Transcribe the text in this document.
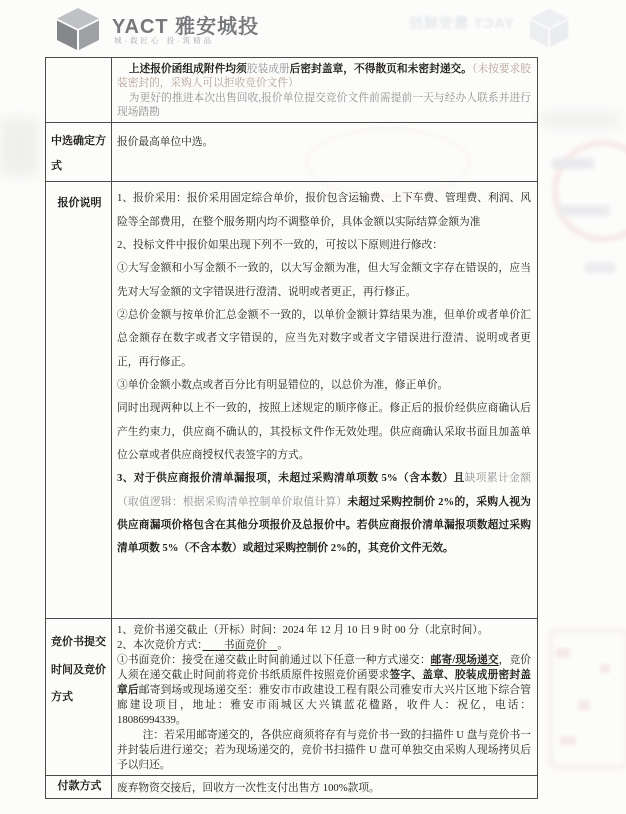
YACT 雅安城投
城·载匠心 投·筑精品
YACT 雅安城投

上述报价函组成附件均须胶装成册后密封盖章，不得散页和未密封递交。（未按要求胶装密封的，采购人可以拒收竞价文件）

为更好的推进本次出售回收,报价单位提交竞价文件前需提前一天与经办人联系并进行现场踏勘

中选确定方式

报价最高单位中选。

报价说明	1、报价采用：报价采用固定综合单价，报价包含运输费、上下车费、管理费、利润、风险等全部费用，在整个服务期内均不调整单价，具体金额以实际结算金额为准

2、投标文件中报价如果出现下列不一致的，可按以下原则进行修改：

①大写金额和小写金额不一致的，以大写金额为准，但大写金额文字存在错误的，应当先对大写金额的文字错误进行澄清、说明或者更正，再行修正。

②总价金额与按单价汇总金额不一致的，以单价金额计算结果为准，但单价或者单价汇总金额存在数字或者文字错误的，应当先对数字或者文字错误进行澄清、说明或者更正，再行修正。

③单价金额小数点或者百分比有明显错位的，以总价为准，修正单价。

同时出现两种以上不一致的，按照上述规定的顺序修正。修正后的报价经供应商确认后产生约束力，供应商不确认的，其投标文件作无效处理。供应商确认采取书面且加盖单位公章或者供应商授权代表签字的方式。

3、对于供应商报价清单漏报项，未超过采购清单项数 5%（含本数）且缺项累计金额（取值逻辑：根据采购清单控制单价取值计算）未超过采购控制价 2%的，采购人视为供应商漏项价格包含在其他分项报价及总报价中。若供应商报价清单漏报项数超过采购清单项数 5%（不含本数）或超过采购控制价 2%的，其竞价文件无效。

竞价书提交时间及竞价方式

1、竞价书递交截止（开标）时间：2024 年 12 月 10 日 9 时 00 分（北京时间）。

2、本次竞价方式：　　书面竞价　。

①书面竞价：接受在递交截止时间前通过以下任意一种方式递交：邮寄/现场递交，竞价人须在递交截止时间前将竞价书纸质原件按照竞价函要求签字、盖章、胶装成册密封盖章后邮寄到场或现场递交至：雅安市市政建设工程有限公司雅安市大兴片区地下综合管廊建设项目，地址：雅安市雨城区大兴镇蓝花楹路，收件人：祝亿，电话：18086994339。

注：若采用邮寄递交的，各供应商须将存有与竞价书一致的扫描件 U 盘与竞价书一并封装后进行递交；若为现场递交的，竞价书扫描件 U 盘可单独交由采购人现场拷贝后予以归还。

付款方式	废弃物资交接后，回收方一次性支付出售方 100%款项。
